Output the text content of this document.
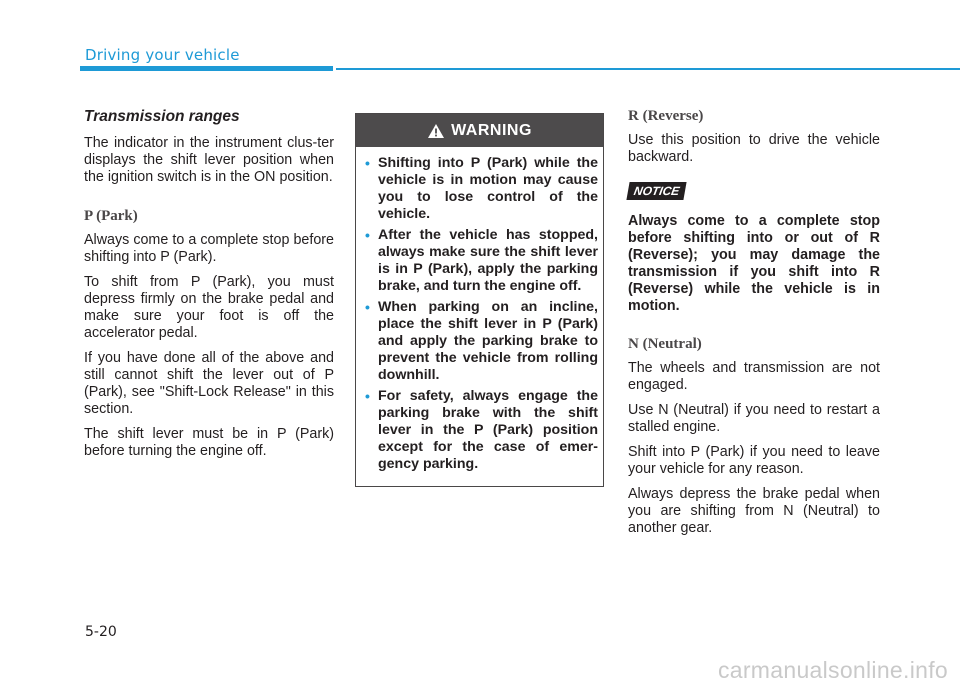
Driving your vehicle
Transmission ranges

The indicator in the instrument clus-ter displays the shift lever position when the ignition switch is in the ON position.

P (Park)

Always come to a complete stop before shifting into P (Park).

To shift from P (Park), you must depress firmly on the brake pedal and make sure your foot is off the accelerator pedal.

If you have done all of the above and still cannot shift the lever out of P (Park), see "Shift-Lock Release" in this section.

The shift lever must be in P (Park) before turning the engine off.

WARNING
• Shifting into P (Park) while the vehicle is in motion may cause you to lose control of the vehicle.
• After the vehicle has stopped, always make sure the shift lever is in P (Park), apply the parking brake, and turn the engine off.
• When parking on an incline, place the shift lever in P (Park) and apply the parking brake to prevent the vehicle from rolling downhill.
• For safety, always engage the parking brake with the shift lever in the P (Park) position except for the case of emer-gency parking.
R (Reverse)

Use this position to drive the vehicle backward.

NOTICE

Always come to a complete stop before shifting into or out of R (Reverse); you may damage the transmission if you shift into R (Reverse) while the vehicle is in motion.

N (Neutral)

The wheels and transmission are not engaged.

Use N (Neutral) if you need to restart a stalled engine.

Shift into P (Park) if you need to leave your vehicle for any reason.

Always depress the brake pedal when you are shifting from N (Neutral) to another gear.

5-20
carmanualsonline.info
